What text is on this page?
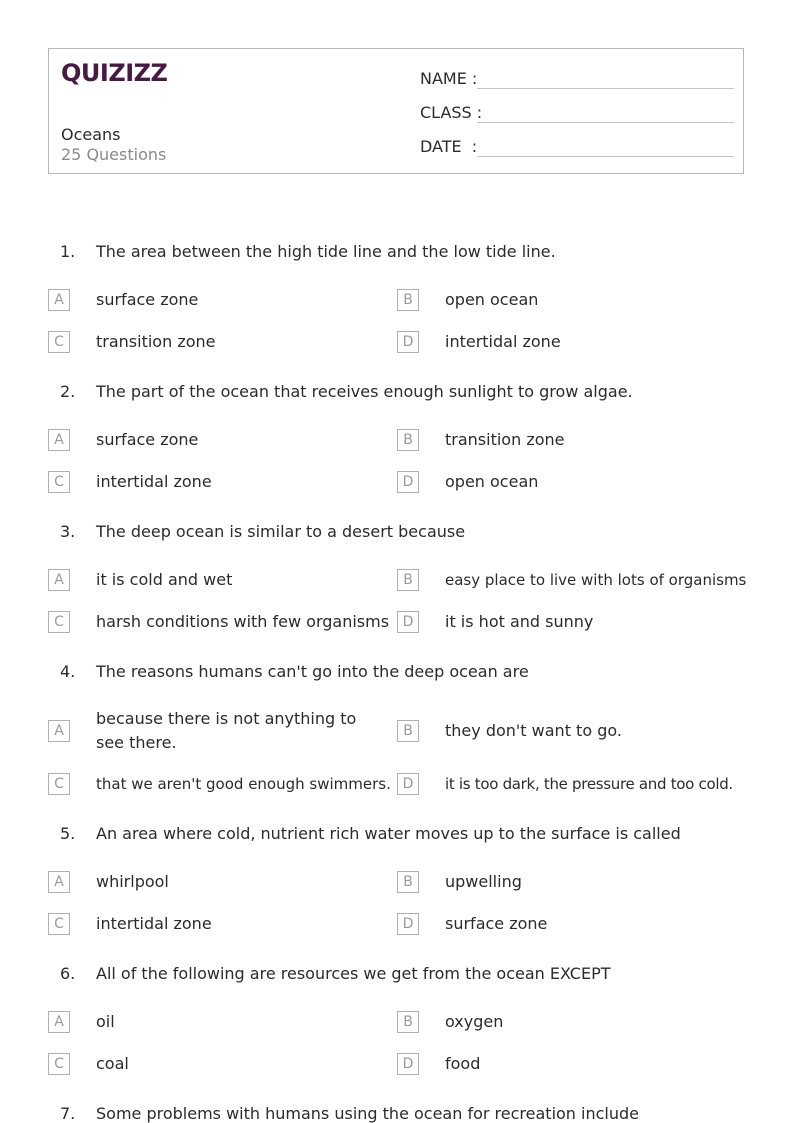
QUIZIZZ
Oceans
25 Questions
NAME :
CLASS :
DATE  :
1. The area between the high tide line and the low tide line.
A	surface zone	B	open ocean
C	transition zone	D	intertidal zone
2. The part of the ocean that receives enough sunlight to grow algae.
A	surface zone	B	transition zone
C	intertidal zone	D	open ocean
3. The deep ocean is similar to a desert because
A	it is cold and wet	B	easy place to live with lots of organisms
C	harsh conditions with few organisms D	it is hot and sunny
4. The reasons humans can't go into the deep ocean are
A
because there is not anything to see there.
B	they don't want to go.
C	that we aren't good enough swimmers. D	it is too dark, the pressure and too cold.
5. An area where cold, nutrient rich water moves up to the surface is called
A	whirlpool	B	upwelling
C	intertidal zone	D	surface zone
6. All of the following are resources we get from the ocean EXCEPT
A	oil	B	oxygen
C	coal	D	food
7. Some problems with humans using the ocean for recreation include
